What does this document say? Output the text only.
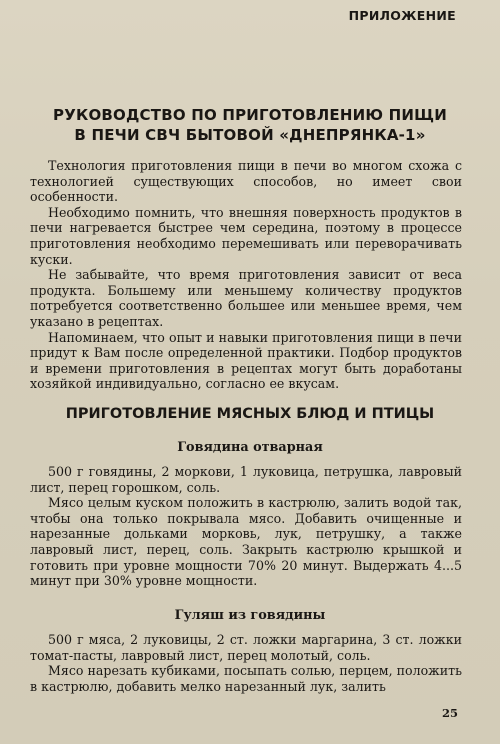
ПРИЛОЖЕНИЕ
РУКОВОДСТВО ПО ПРИГОТОВЛЕНИЮ ПИЩИ
В ПЕЧИ СВЧ БЫТОВОЙ «ДНЕПРЯНКА-1»

Технология приготовления пищи в печи во многом схожа с технологией существующих способов, но имеет свои особенности.

Необходимо помнить, что внешняя поверхность продуктов в печи нагревается быстрее чем середина, поэтому в процессе приготовления необходимо перемешивать или переворачивать куски.

Не забывайте, что время приготовления зависит от веса продукта. Большему или меньшему количеству продуктов потребуется соответственно большее или меньшее время, чем указано в рецептах.

Напоминаем, что опыт и навыки приготовления пищи в печи придут к Вам после определенной практики. Подбор продуктов и времени приготовления в рецептах могут быть доработаны хозяйкой индивидуально, согласно ее вкусам.

ПРИГОТОВЛЕНИЕ МЯСНЫХ БЛЮД И ПТИЦЫ
Говядина отварная

500 г говядины, 2 моркови, 1 луковица, петрушка, лавровый лист, перец горошком, соль.

Мясо целым куском положить в кастрюлю, залить водой так, чтобы она только покрывала мясо. Добавить очищенные и нарезанные дольками морковь, лук, петрушку, а также лавровый лист, перец, соль. Закрыть кастрюлю крышкой и готовить при уровне мощности 70% 20 минут. Выдержать 4...5 минут при 30% уровне мощности.

Гуляш из говядины

500 г мяса, 2 луковицы, 2 ст. ложки маргарина, 3 ст. ложки томат-пасты, лавровый лист, перец молотый, соль.

Мясо нарезать кубиками, посыпать солью, перцем, положить в кастрюлю, добавить мелко нарезанный лук, залить

25
